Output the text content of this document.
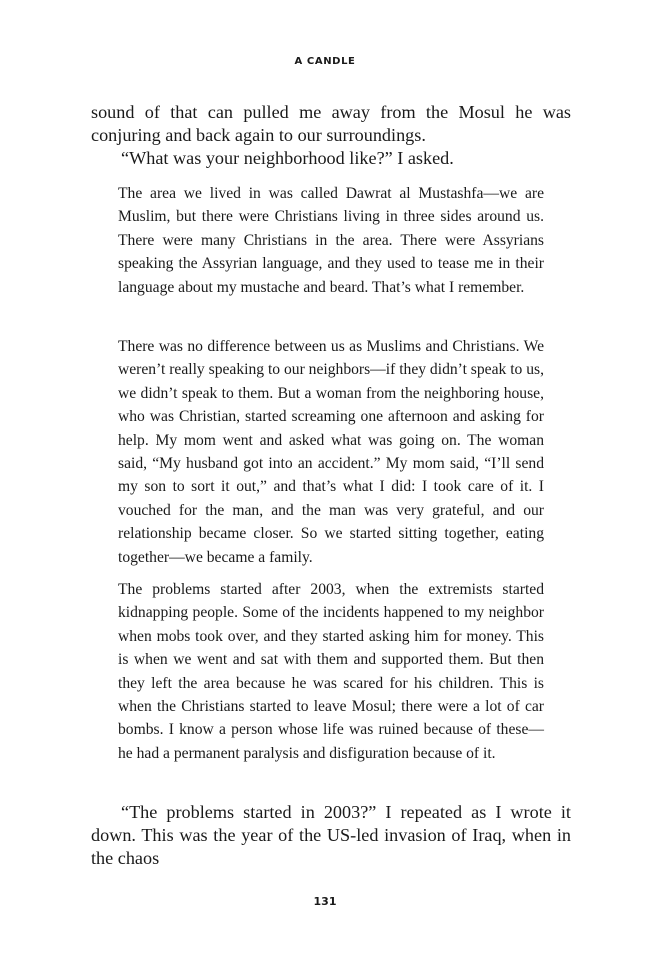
A CANDLE

sound of that can pulled me away from the Mosul he was conjuring and back again to our surroundings.

“What was your neighborhood like?” I asked.

The area we lived in was called Dawrat al Mustashfa—we are Muslim, but there were Christians living in three sides around us. There were many Christians in the area. There were Assyrians speaking the Assyrian language, and they used to tease me in their language about my mustache and beard. That’s what I remember.

There was no difference between us as Muslims and Christians. We weren’t really speaking to our neighbors—if they didn’t speak to us, we didn’t speak to them. But a woman from the neighboring house, who was Christian, started screaming one afternoon and asking for help. My mom went and asked what was going on. The woman said, “My husband got into an accident.” My mom said, “I’ll send my son to sort it out,” and that’s what I did: I took care of it. I vouched for the man, and the man was very grateful, and our relationship became closer. So we started sitting together, eating together—we became a family.

The problems started after 2003, when the extremists started kidnapping people. Some of the incidents happened to my neighbor when mobs took over, and they started asking him for money. This is when we went and sat with them and supported them. But then they left the area because he was scared for his children. This is when the Christians started to leave Mosul; there were a lot of car bombs. I know a person whose life was ruined because of these—he had a permanent paralysis and disfiguration because of it.

“The problems started in 2003?” I repeated as I wrote it down. This was the year of the US-led invasion of Iraq, when in the chaos

131
